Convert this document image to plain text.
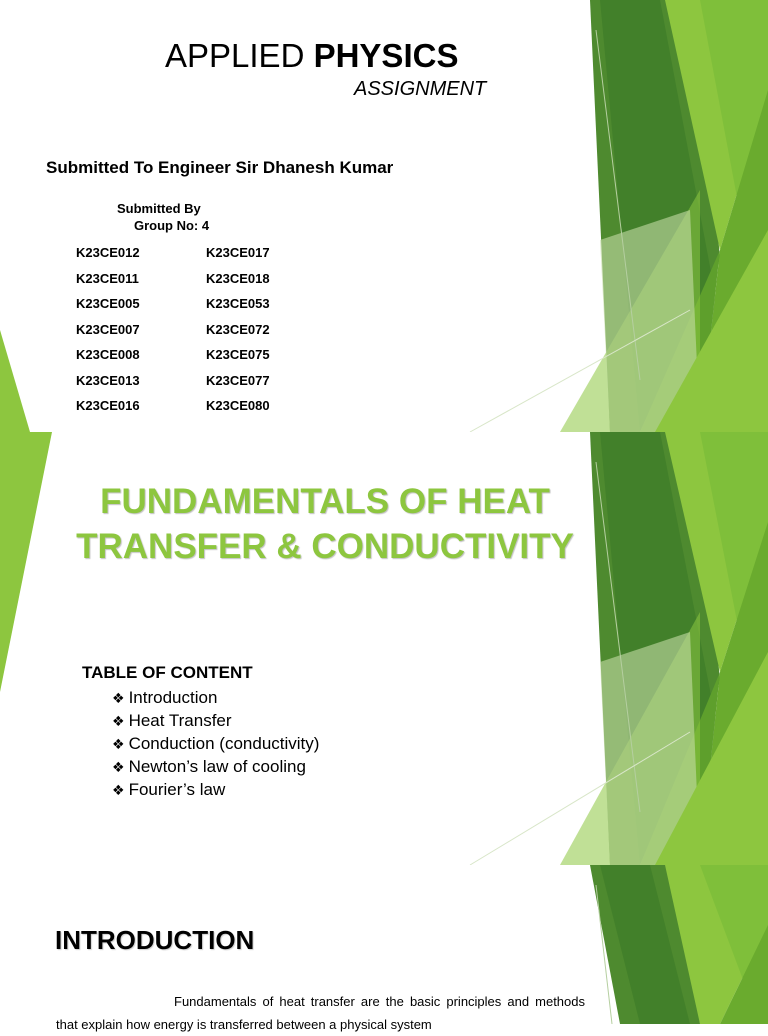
APPLIED PHYSICS
ASSIGNMENT
Submitted To Engineer Sir Dhanesh Kumar
Submitted By
Group No: 4
K23CE012
K23CE011
K23CE005
K23CE007
K23CE008
K23CE013
K23CE016
K23CE017
K23CE018
K23CE053
K23CE072
K23CE075
K23CE077
K23CE080
FUNDAMENTALS OF HEAT
TRANSFER & CONDUCTIVITY
TABLE OF CONTENT
❖ Introduction
❖ Heat Transfer
❖ Conduction (conductivity)
❖ Newton’s law of cooling
❖ Fourier’s law
INTRODUCTION

Fundamentals of heat transfer are the basic principles and methods that explain how energy is transferred between a physical system
